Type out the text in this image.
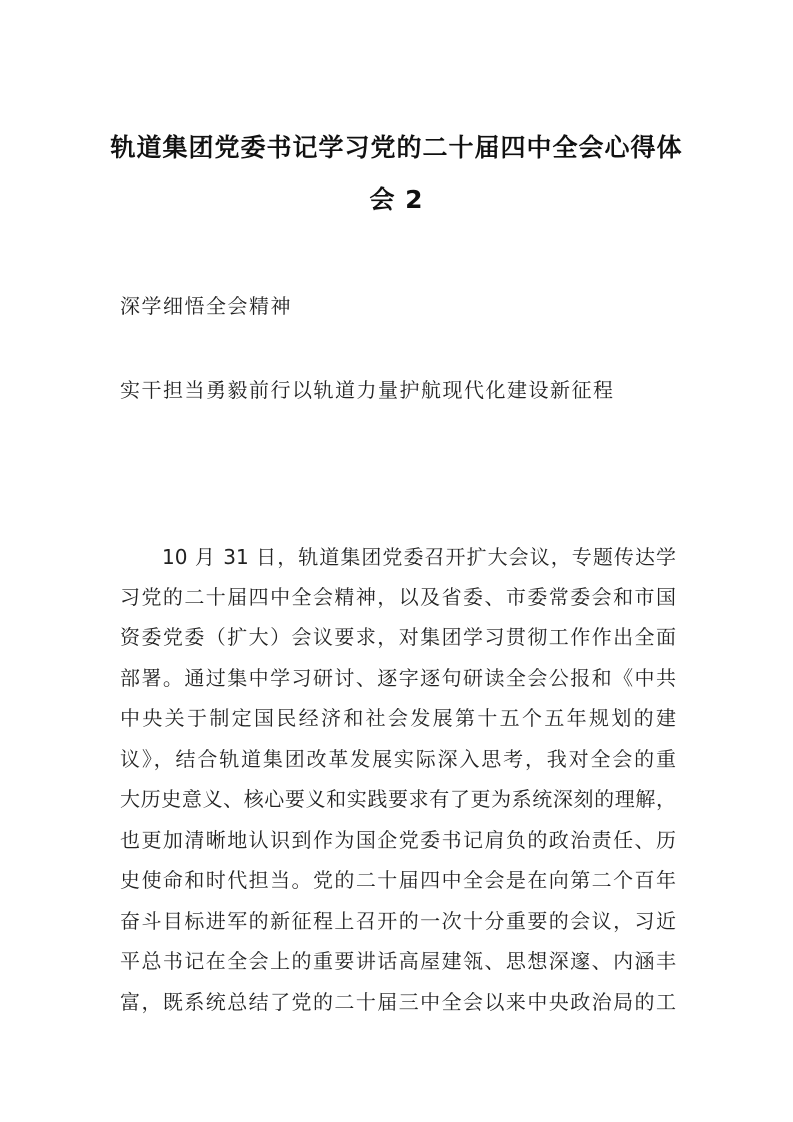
轨道集团党委书记学习党的二十届四中全会心得体
会 2

深学细悟全会精神

实干担当勇毅前行以轨道力量护航现代化建设新征程

10 月 31 日，轨道集团党委召开扩大会议，专题传达学

习党的二十届四中全会精神，以及省委、市委常委会和市国

资委党委（扩大）会议要求，对集团学习贯彻工作作出全面

部署。通过集中学习研讨、逐字逐句研读全会公报和《中共

中央关于制定国民经济和社会发展第十五个五年规划的建

议》，结合轨道集团改革发展实际深入思考，我对全会的重

大历史意义、核心要义和实践要求有了更为系统深刻的理解，

也更加清晰地认识到作为国企党委书记肩负的政治责任、历

史使命和时代担当。党的二十届四中全会是在向第二个百年

奋斗目标进军的新征程上召开的一次十分重要的会议，习近

平总书记在全会上的重要讲话高屋建瓴、思想深邃、内涵丰

富，既系统总结了党的二十届三中全会以来中央政治局的工
